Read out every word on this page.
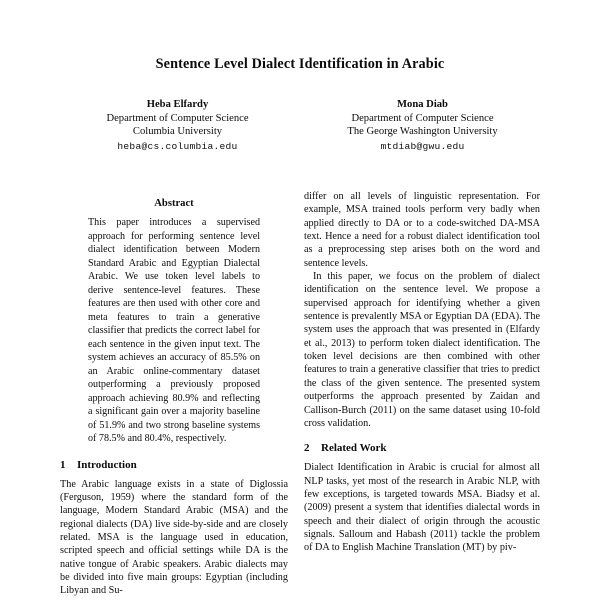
Sentence Level Dialect Identification in Arabic
Heba Elfardy
Department of Computer Science
Columbia University
heba@cs.columbia.edu
Mona Diab
Department of Computer Science
The George Washington University
mtdiab@gwu.edu
Abstract

This paper introduces a supervised approach for performing sentence level dialect identification between Modern Standard Arabic and Egyptian Dialectal Arabic. We use token level labels to derive sentence-level features. These features are then used with other core and meta features to train a generative classifier that predicts the correct label for each sentence in the given input text. The system achieves an accuracy of 85.5% on an Arabic online-commentary dataset outperforming a previously proposed approach achieving 80.9% and reflecting a significant gain over a majority baseline of 51.9% and two strong baseline systems of 78.5% and 80.4%, respectively.

1 Introduction

The Arabic language exists in a state of Diglossia (Ferguson, 1959) where the standard form of the language, Modern Standard Arabic (MSA) and the regional dialects (DA) live side-by-side and are closely related. MSA is the language used in education, scripted speech and official settings while DA is the native tongue of Arabic speakers. Arabic dialects may be divided into five main groups: Egyptian (including Libyan and Su-

differ on all levels of linguistic representation. For example, MSA trained tools perform very badly when applied directly to DA or to a code-switched DA-MSA text. Hence a need for a robust dialect identification tool as a preprocessing step arises both on the word and sentence levels.

In this paper, we focus on the problem of dialect identification on the sentence level. We propose a supervised approach for identifying whether a given sentence is prevalently MSA or Egyptian DA (EDA). The system uses the approach that was presented in (Elfardy et al., 2013) to perform token dialect identification. The token level decisions are then combined with other features to train a generative classifier that tries to predict the class of the given sentence. The presented system outperforms the approach presented by Zaidan and Callison-Burch (2011) on the same dataset using 10-fold cross validation.

2 Related Work

Dialect Identification in Arabic is crucial for almost all NLP tasks, yet most of the research in Arabic NLP, with few exceptions, is targeted towards MSA. Biadsy et al. (2009) present a system that identifies dialectal words in speech and their dialect of origin through the acoustic signals. Salloum and Habash (2011) tackle the problem of DA to English Machine Translation (MT) by piv-
